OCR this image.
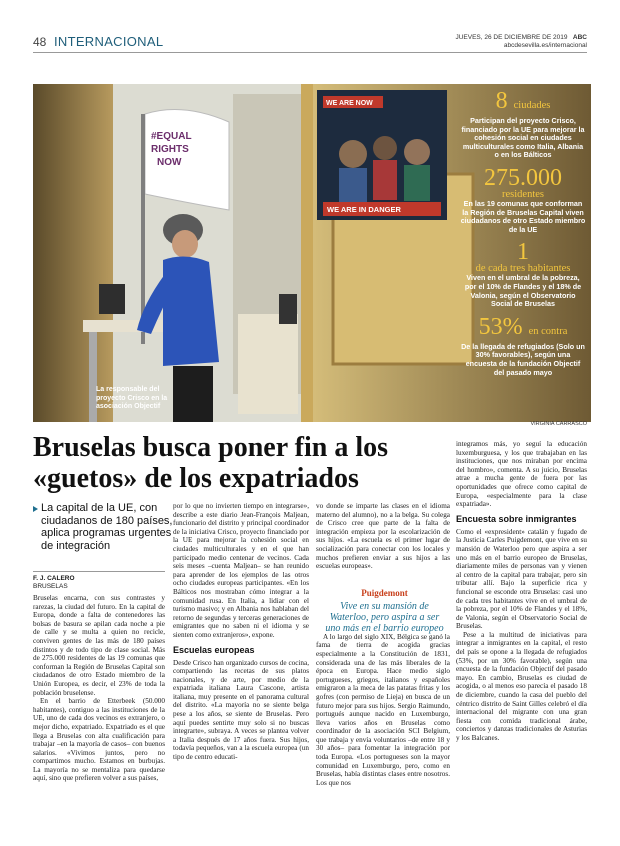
48 INTERNACIONAL	JUEVES, 26 DE DICIEMBRE DE 2019 ABC
abcdesevilla.es/internacional
WE ARE NOW
WE ARE IN DANGER
#EQUAL
RIGHTS
NOW
La responsable del proyecto Crisco en la asociación Objectif
VIRGINIA CARRASCO
8 ciudades
Participan del proyecto Crisco, financiado por la UE para mejorar la cohesión social en ciudades multiculturales como Italia, Albania o en los Bálticos
275.000
residentes
En las 19 comunas que conforman la Región de Bruselas Capital viven ciudadanos de otro Estado miembro de la UE
1
de cada tres habitantes
Viven en el umbral de la pobreza, por el 10% de Flandes y el 18% de Valonia, según el Observatorio Social de Bruselas
53% en contra
De la llegada de refugiados (Solo un 30% favorables), según una encuesta de la fundación Objectif del pasado mayo
Bruselas busca poner fin a los «guetos» de los expatriados
La capital de la UE, con ciudadanos de 180 países, aplica programas urgentes de integración
F. J. CALERO
BRUSELAS

Bruselas encarna, con sus contrastes y rarezas, la ciudad del futuro. En la capital de Europa, donde a falta de contenedores las bolsas de basura se apilan cada noche a pie de calle y se multa a quien no recicle, conviven gentes de las más de 180 países distintos y de todo tipo de clase social. Más de 275.000 residentes de las 19 comunas que conforman la Región de Bruselas Capital son ciudadanos de otro Estado miembro de la Unión Europea, es decir, el 23% de toda la población bruselense.

En el barrio de Etterbeek (50.000 habitantes), contiguo a las instituciones de la UE, uno de cada dos vecinos es extranjero, o mejor dicho, expatriado. Expatriado es el que llega a Bruselas con alta cualificación para trabajar –en la mayoría de casos– con buenos salarios. «Vivimos juntos, pero no compartimos mucho. Estamos en burbujas. La mayoría no se mentaliza para quedarse aquí, sino que prefieren volver a sus países,

por lo que no invierten tiempo en integrarse», describe a este diario Jean-François Maljean, funcionario del distrito y principal coordinador de la iniciativa Crisco, proyecto financiado por la UE para mejorar la cohesión social en ciudades multiculturales y en el que han participado medio centenar de vecinos. Cada seis meses –cuenta Maljean– se han reunido para aprender de los ejemplos de las otros ocho ciudades europeas participantes. «En los Bálticos nos mostraban cómo integrar a la comunidad rusa. En Italia, a lidiar con el turismo masivo; y en Albania nos hablaban del retorno de segundas y terceras generaciones de emigrantes que no saben ni el idioma y se sienten como extranjeros», expone.

Escuelas europeas

Desde Crisco han organizado cursos de cocina, compartiendo las recetas de sus platos nacionales, y de arte, por medio de la expatriada italiana Laura Cascone, artista italiana, muy presente en el panorama cultural del distrito. «La mayoría no se siente belga pese a los años, se siente de Bruselas. Pero aquí puedes sentirte muy solo si no buscas integrarte», subraya. A veces se plantea volver a Italia después de 17 años fuera. Sus hijos, todavía pequeños, van a la escuela europea (un tipo de centro educati-

vo donde se imparte las clases en el idioma materno del alumno), no a la belga. Su colega de Crisco cree que parte de la falta de integración empieza por la escolarización de sus hijos. «La escuela es el primer lugar de socialización para conectar con los locales y muchos prefieren enviar a sus hijos a las escuelas europeas».

A lo largo del siglo XIX, Bélgica se ganó la fama de tierra de acogida gracias especialmente a la Constitución de 1831, considerada una de las más liberales de la época en Europa. Hace medio siglo portugueses, griegos, italianos y españoles emigraron a la meca de las patatas fritas y los gofres (con permiso de Lieja) en busca de un futuro mejor para sus hijos. Sergio Raimundo, portugués aunque nacido en Luxemburgo, lleva varios años en Bruselas como coordinador de la asociación SCI Belgium, que trabaja y envía voluntarios –de entre 18 y 30 años– para fomentar la integración por toda Europa. «Los portugueses son la mayor comunidad en Luxemburgo, pero, como en Bruselas, había distintas clases entre nosotros. Los que nos

Puigdemont
Vive en su mansión de Waterloo, pero aspira a ser uno más en el barrio europeo

integramos más, yo seguí la educación luxemburguesa, y los que trabajaban en las instituciones, que nos miraban por encima del hombro», comenta. A su juicio, Bruselas atrae a mucha gente de fuera por las oportunidades que ofrece como capital de Europa, «especialmente para la clase expatriada».

Encuesta sobre inmigrantes

Como el «expresident» catalán y fugado de la Justicia Carles Puigdemont, que vive en su mansión de Waterloo pero que aspira a ser uno más en el barrio europeo de Bruselas, diariamente miles de personas van y vienen al centro de la capital para trabajar, pero sin tributar allí. Bajo la superficie rica y funcional se esconde otra Bruselas: casi uno de cada tres habitantes vive en el umbral de la pobreza, por el 10% de Flandes y el 18%, de Valonia, según el Observatorio Social de Bruselas.

Pese a la multitud de iniciativas para integrar a inmigrantes en la capital, el resto del país se opone a la llegada de refugiados (53%, por un 30% favorable), según una encuesta de la fundación Objectif del pasado mayo. En cambio, Bruselas es ciudad de acogida, o al menos eso parecía el pasado 18 de diciembre, cuando la casa del pueblo del céntrico distrito de Saint Gilles celebró el día internacional del migrante con una gran fiesta con comida tradicional árabe, conciertos y danzas tradicionales de Asturias y los Balcanes.
